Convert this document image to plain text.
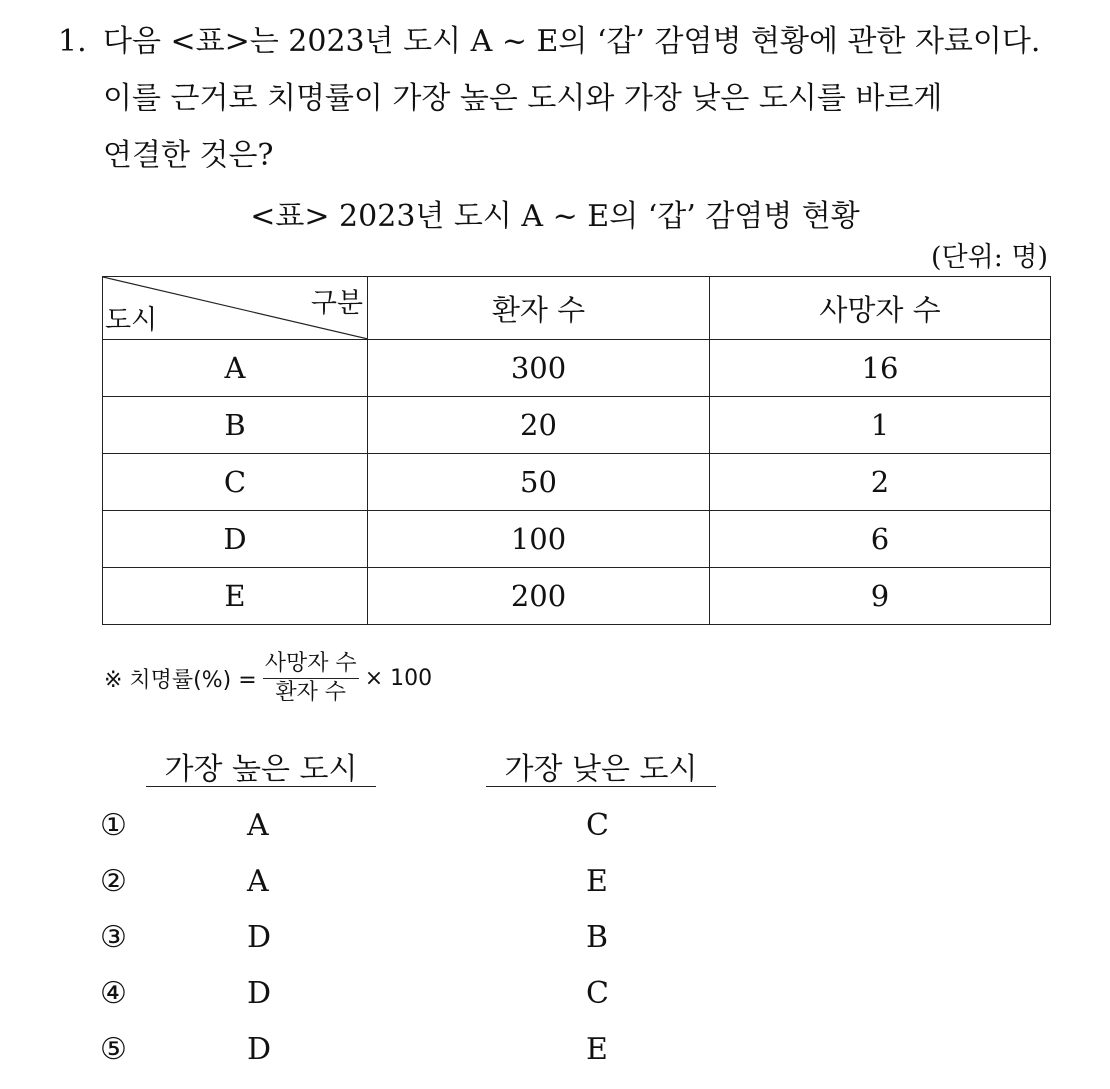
1. 다음 <표>는 2023년 도시 A ~ E의 ‘갑’ 감염병 현황에 관한 자료이다.
이를 근거로 치명률이 가장 높은 도시와 가장 낮은 도시를 바르게
연결한 것은?
<표> 2023년 도시 A ~ E의 ‘갑’ 감염병 현황
(단위: 명)
도시
구분	환자 수	사망자 수
A	300	16
B	20	1
C	50	2
D	100	6
E	200	9
※ 치명률(%) = $\frac{\text{사망자 수}}{\text{환자 수}} \times 100$
가장 높은 도시	가장 낮은 도시
①	A	C
②	A	E
③	D	B
④	D	C
⑤	D	E
